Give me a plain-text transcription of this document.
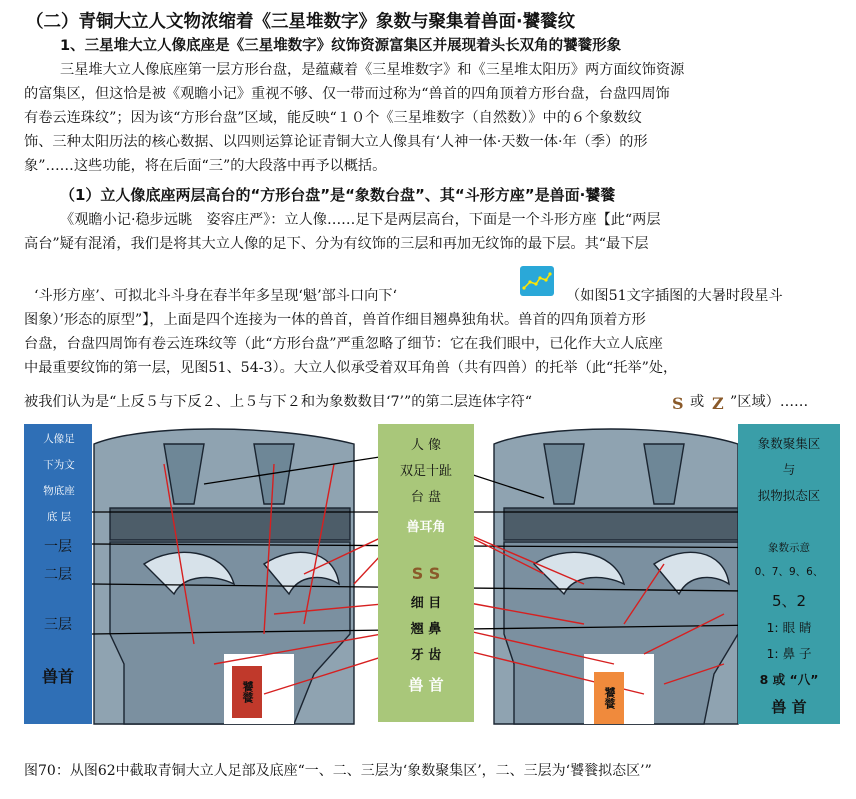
（二）青铜大立人文物浓缩着《三星堆数字》象数与聚集着兽面·饕餮纹
1、三星堆大立人像底座是《三星堆数字》纹饰资源富集区并展现着头长双角的饕餮形象
三星堆大立人像底座第一层方形台盘，是蕴藏着《三星堆数字》和《三星堆太阳历》两方面纹饰资源
的富集区，但这恰是被《观瞻小记》重视不够、仅一带而过称为“兽首的四角顶着方形台盘，台盘四周饰
有卷云连珠纹”；因为该“方形台盘”区域，能反映“１０个《三星堆数字（自然数）》中的６个象数纹
饰、三种太阳历法的核心数据、以四则运算论证青铜大立人像具有‘人神一体·天数一体·年（季）的形
象”……这些功能，将在后面“三”的大段落中再予以概括。
（1）立人像底座两层高台的“方形台盘”是“象数台盘”、其“斗形方座”是兽面·饕餮
《观瞻小记·稳步远眺　姿容庄严》：立人像……足下是两层高台，下面是一个斗形方座【此“两层
高台”疑有混淆，我们是将其大立人像的足下、分为有纹饰的三层和再加无纹饰的最下层。其“最下层
‘斗形方座’、可拟北斗斗身在春半年多呈现‘魁’部斗口向下‘	（如图51文字插图的大暑时段星斗
图象）’形态的原型”】，上面是四个连接为一体的兽首，兽首作细目翘鼻独角状。兽首的四角顶着方形
台盘，台盘四周饰有卷云连珠纹等（此“方形台盘”严重忽略了细节：它在我们眼中，已化作大立人底座
中最重要纹饰的第一层，见图51、54-3）。大立人似承受着双耳角兽（共有四兽）的托举（此“托举”处，
被我们认为是“上反５与下反２、上５与下２和为象数数目‘7’”的第二层连体字符“	S 或 Z ”区域）……
人像足
下为文
物底座
底 层
一层
二层
三层
兽首
人 像
双足十趾
台 盘
兽耳角
S S
细 目
翘 鼻
牙 齿
兽 首
象数聚集区
与
拟物拟态区
象数示意
0、7、9、6、
5、2
1: 眼 睛
1: 鼻 子
8 或 “八”
兽 首
饕餮	饕餮
图70：从图62中截取青铜大立人足部及底座“一、二、三层为‘象数聚集区’，二、三层为‘饕餮拟态区’”
